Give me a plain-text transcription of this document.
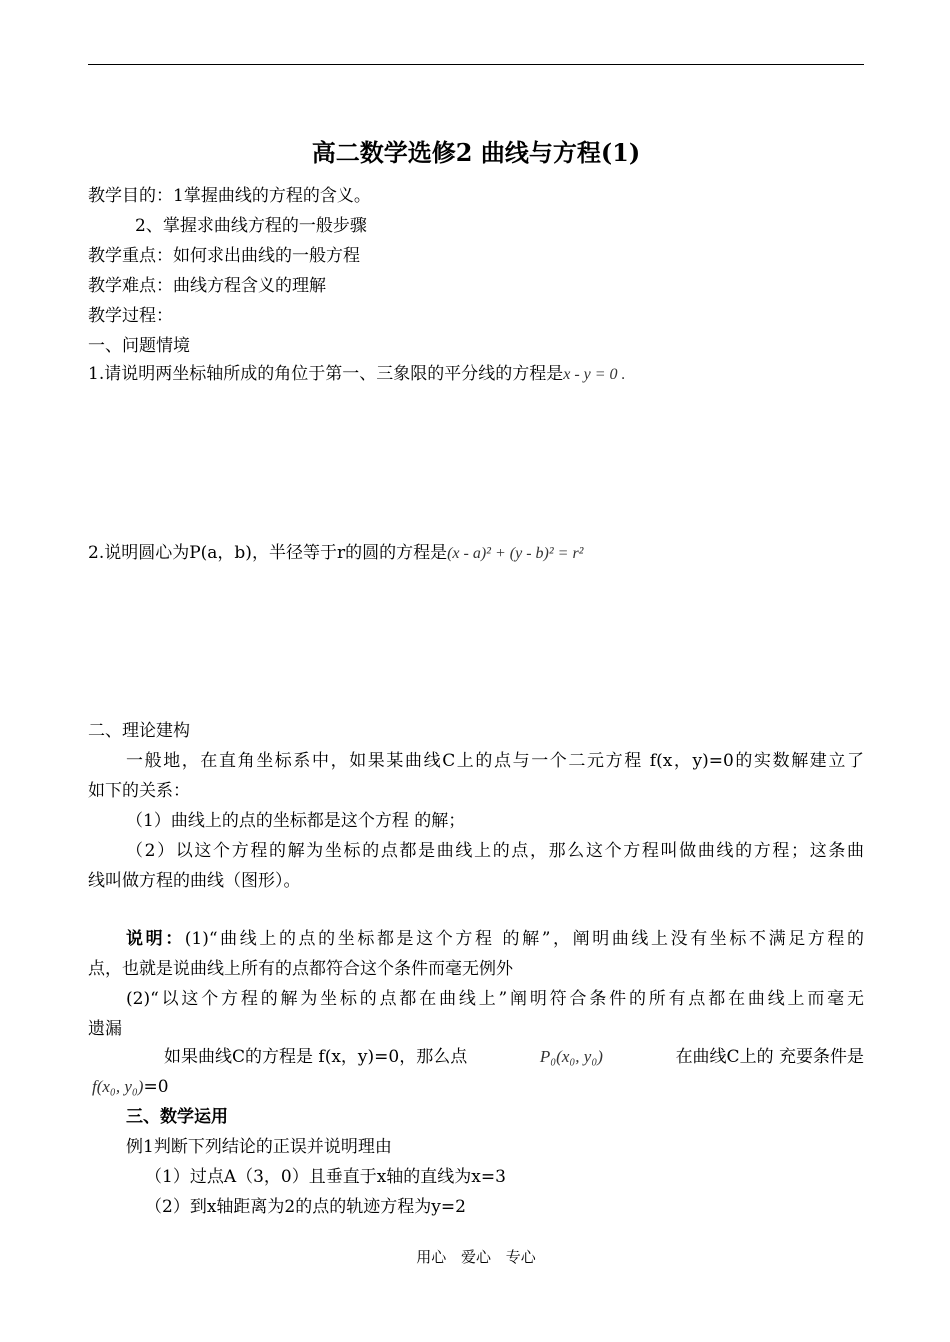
高二数学选修2 曲线与方程(1)
教学目的：1掌握曲线的方程的含义。
2、掌握求曲线方程的一般步骤
教学重点：如何求出曲线的一般方程
教学难点：曲线方程含义的理解
教学过程：
一、问题情境
1.请说明两坐标轴所成的角位于第一、三象限的平分线的方程是x - y = 0 .
2.说明圆心为P(a，b)，半径等于r的圆的方程是(x - a)² + (y - b)² = r²
二、理论建构
一般地，在直角坐标系中，如果某曲线C上的点与一个二元方程 f(x，y)=0的实数解建立了
如下的关系：
（1）曲线上的点的坐标都是这个方程 的解；
（2）以这个方程的解为坐标的点都是曲线上的点，那么这个方程叫做曲线的方程；这条曲
线叫做方程的曲线（图形）。
说明：(1)“曲线上的点的坐标都是这个方程 的解”，阐明曲线上没有坐标不满足方程的
点，也就是说曲线上所有的点都符合这个条件而毫无例外
(2)“以这个方程的解为坐标的点都在曲线上”阐明符合条件的所有点都在曲线上而毫无
遗漏
如果曲线C的方程是 f(x，y)=0，那么点	P₀(x₀, y₀)	在曲线C上的 充要条件是
f(x₀, y₀)=0
三、数学运用
例1判断下列结论的正误并说明理由
（1）过点A（3，0）且垂直于x轴的直线为x=3
（2）到x轴距离为2的点的轨迹方程为y=2
用心 爱心 专心
